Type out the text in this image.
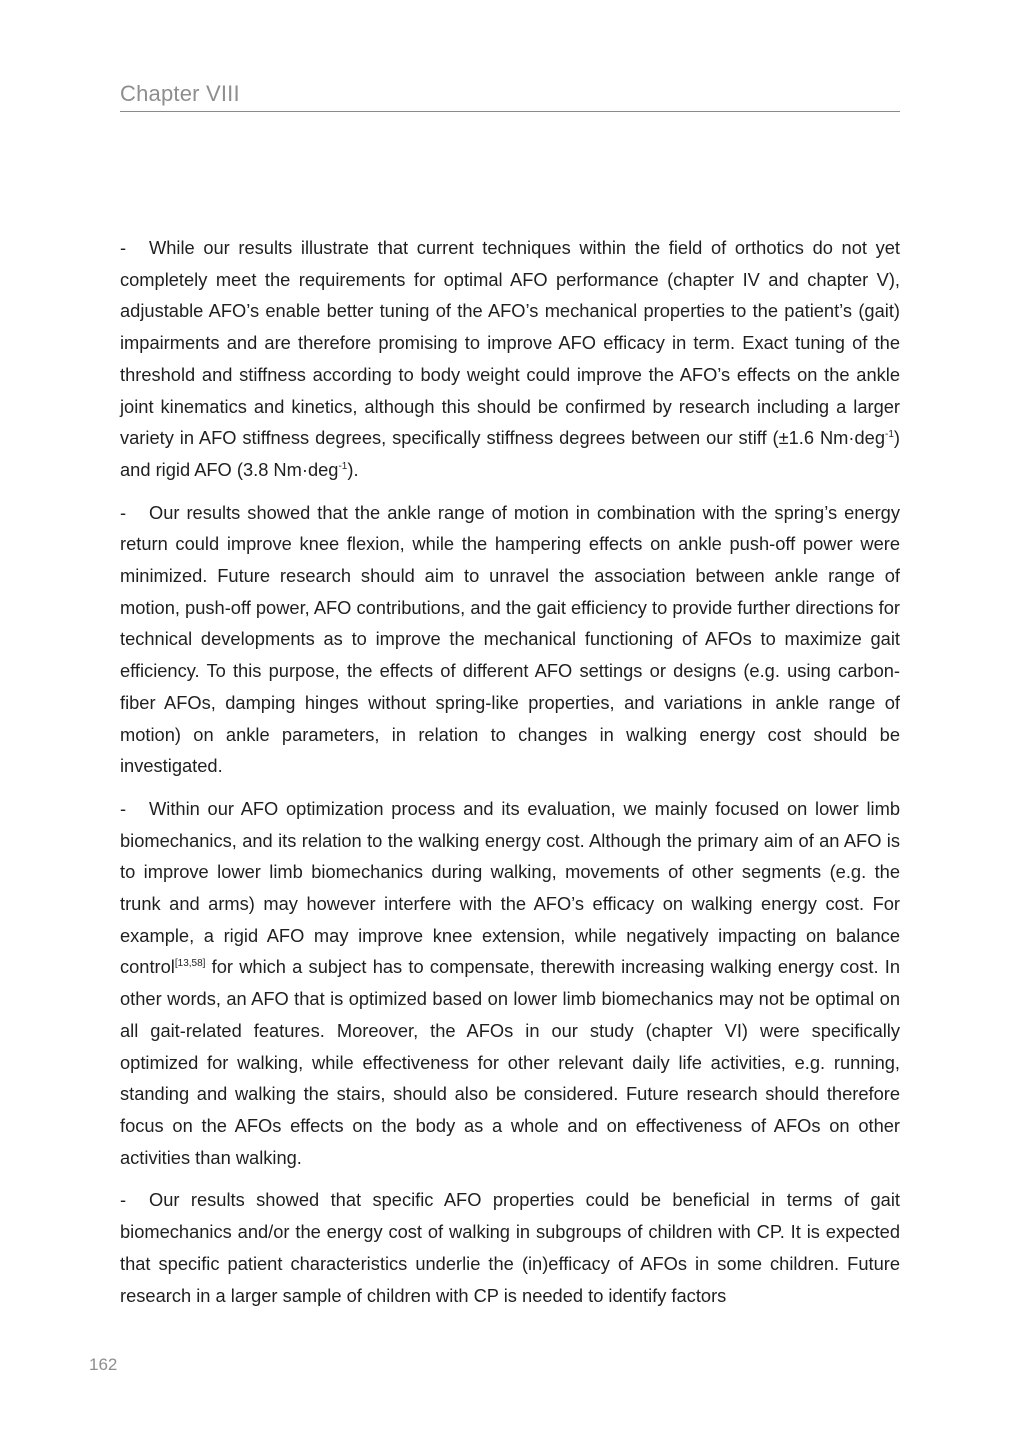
Chapter VIII

- While our results illustrate that current techniques within the field of orthotics do not yet completely meet the requirements for optimal AFO performance (chapter IV and chapter V), adjustable AFO’s enable better tuning of the AFO’s mechanical properties to the patient’s (gait) impairments and are therefore promising to improve AFO efficacy in term. Exact tuning of the threshold and stiffness according to body weight could improve the AFO’s effects on the ankle joint kinematics and kinetics, although this should be confirmed by research including a larger variety in AFO stiffness degrees, specifically stiffness degrees between our stiff (±1.6 Nm·deg$^{-1}$) and rigid AFO (3.8 Nm·deg$^{-1}$).

- Our results showed that the ankle range of motion in combination with the spring’s energy return could improve knee flexion, while the hampering effects on ankle push-off power were minimized. Future research should aim to unravel the association between ankle range of motion, push-off power, AFO contributions, and the gait efficiency to provide further directions for technical developments as to improve the mechanical functioning of AFOs to maximize gait efficiency. To this purpose, the effects of different AFO settings or designs (e.g. using carbon-fiber AFOs, damping hinges without spring-like properties, and variations in ankle range of motion) on ankle parameters, in relation to changes in walking energy cost should be investigated.

- Within our AFO optimization process and its evaluation, we mainly focused on lower limb biomechanics, and its relation to the walking energy cost. Although the primary aim of an AFO is to improve lower limb biomechanics during walking, movements of other segments (e.g. the trunk and arms) may however interfere with the AFO’s efficacy on walking energy cost. For example, a rigid AFO may improve knee extension, while negatively impacting on balance control[13,58] for which a subject has to compensate, therewith increasing walking energy cost. In other words, an AFO that is optimized based on lower limb biomechanics may not be optimal on all gait-related features. Moreover, the AFOs in our study (chapter VI) were specifically optimized for walking, while effectiveness for other relevant daily life activities, e.g. running, standing and walking the stairs, should also be considered. Future research should therefore focus on the AFOs effects on the body as a whole and on effectiveness of AFOs on other activities than walking.

- Our results showed that specific AFO properties could be beneficial in terms of gait biomechanics and/or the energy cost of walking in subgroups of children with CP. It is expected that specific patient characteristics underlie the (in)efficacy of AFOs in some children. Future research in a larger sample of children with CP is needed to identify factors

162
